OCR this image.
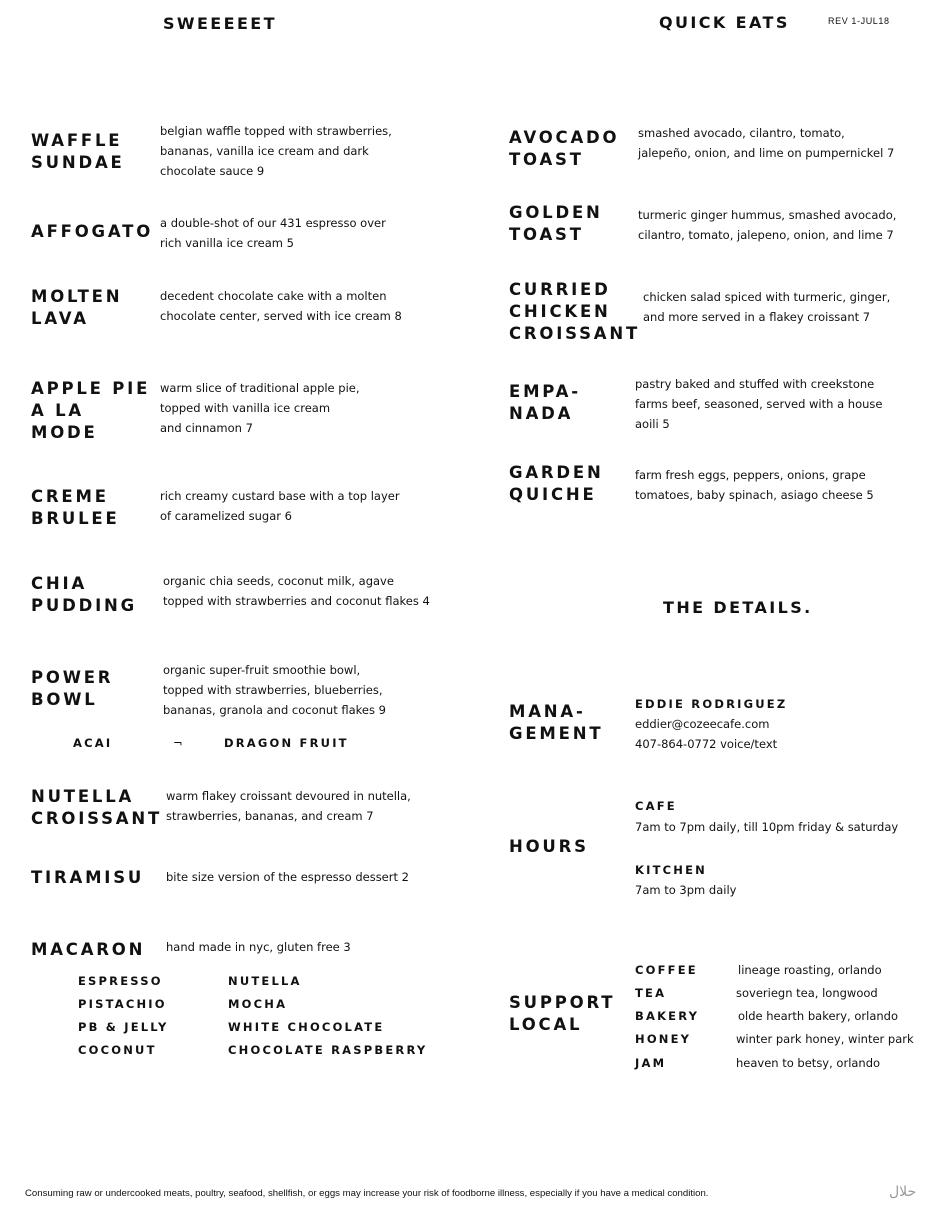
SWEEEEET	QUICK EATS	REV 1-JUL18
WAFFLE
SUNDAE
belgian waffle topped with strawberries,
bananas, vanilla ice cream and dark
chocolate sauce 9
AFFOGATO a double-shot of our 431 espresso over
rich vanilla ice cream 5
MOLTEN
LAVA
decedent chocolate cake with a molten
chocolate center, served with ice cream 8
APPLE PIE
A LA
MODE
warm slice of traditional apple pie,
topped with vanilla ice cream
and cinnamon 7
CREME
BRULEE
rich creamy custard base with a top layer
of caramelized sugar 6
CHIA
PUDDING
organic chia seeds, coconut milk, agave
topped with strawberries and coconut flakes 4
POWER
BOWL
organic super-fruit smoothie bowl,
topped with strawberries, blueberries,
bananas, granola and coconut flakes 9
ACAI	¬	DRAGON FRUIT
NUTELLA
CROISSANT
warm flakey croissant devoured in nutella,
strawberries, bananas, and cream 7
TIRAMISU bite size version of the espresso dessert 2
MACARON hand made in nyc, gluten free 3
ESPRESSO
PISTACHIO
PB & JELLY
COCONUT
NUTELLA
MOCHA
WHITE CHOCOLATE
CHOCOLATE RASPBERRY
AVOCADO
TOAST
smashed avocado, cilantro, tomato,
jalepeño, onion, and lime on pumpernickel 7
GOLDEN
TOAST
turmeric ginger hummus, smashed avocado,
cilantro, tomato, jalepeno, onion, and lime 7
CURRIED
CHICKEN
CROISSANT
chicken salad spiced with turmeric, ginger,
and more served in a flakey croissant 7
EMPA-
NADA
pastry baked and stuffed with creekstone
farms beef, seasoned, served with a house
aoili 5
GARDEN
QUICHE
farm fresh eggs, peppers, onions, grape
tomatoes, baby spinach, asiago cheese 5
THE DETAILS.
MANA-
GEMENT
EDDIE RODRIGUEZ
eddier@cozeecafe.com
407-864-0772 voice/text
HOURS
CAFE
7am to 7pm daily, till 10pm friday & saturday
KITCHEN
7am to 3pm daily
SUPPORT
LOCAL
COFFEE	lineage roasting, orlando
TEA	soveriegn tea, longwood
BAKERY	olde hearth bakery, orlando
HONEY	winter park honey, winter park
JAM	heaven to betsy, orlando
Consuming raw or undercooked meats, poultry, seafood, shellfish, or eggs may increase your risk of foodborne illness, especially if you have a medical condition.	حلال
